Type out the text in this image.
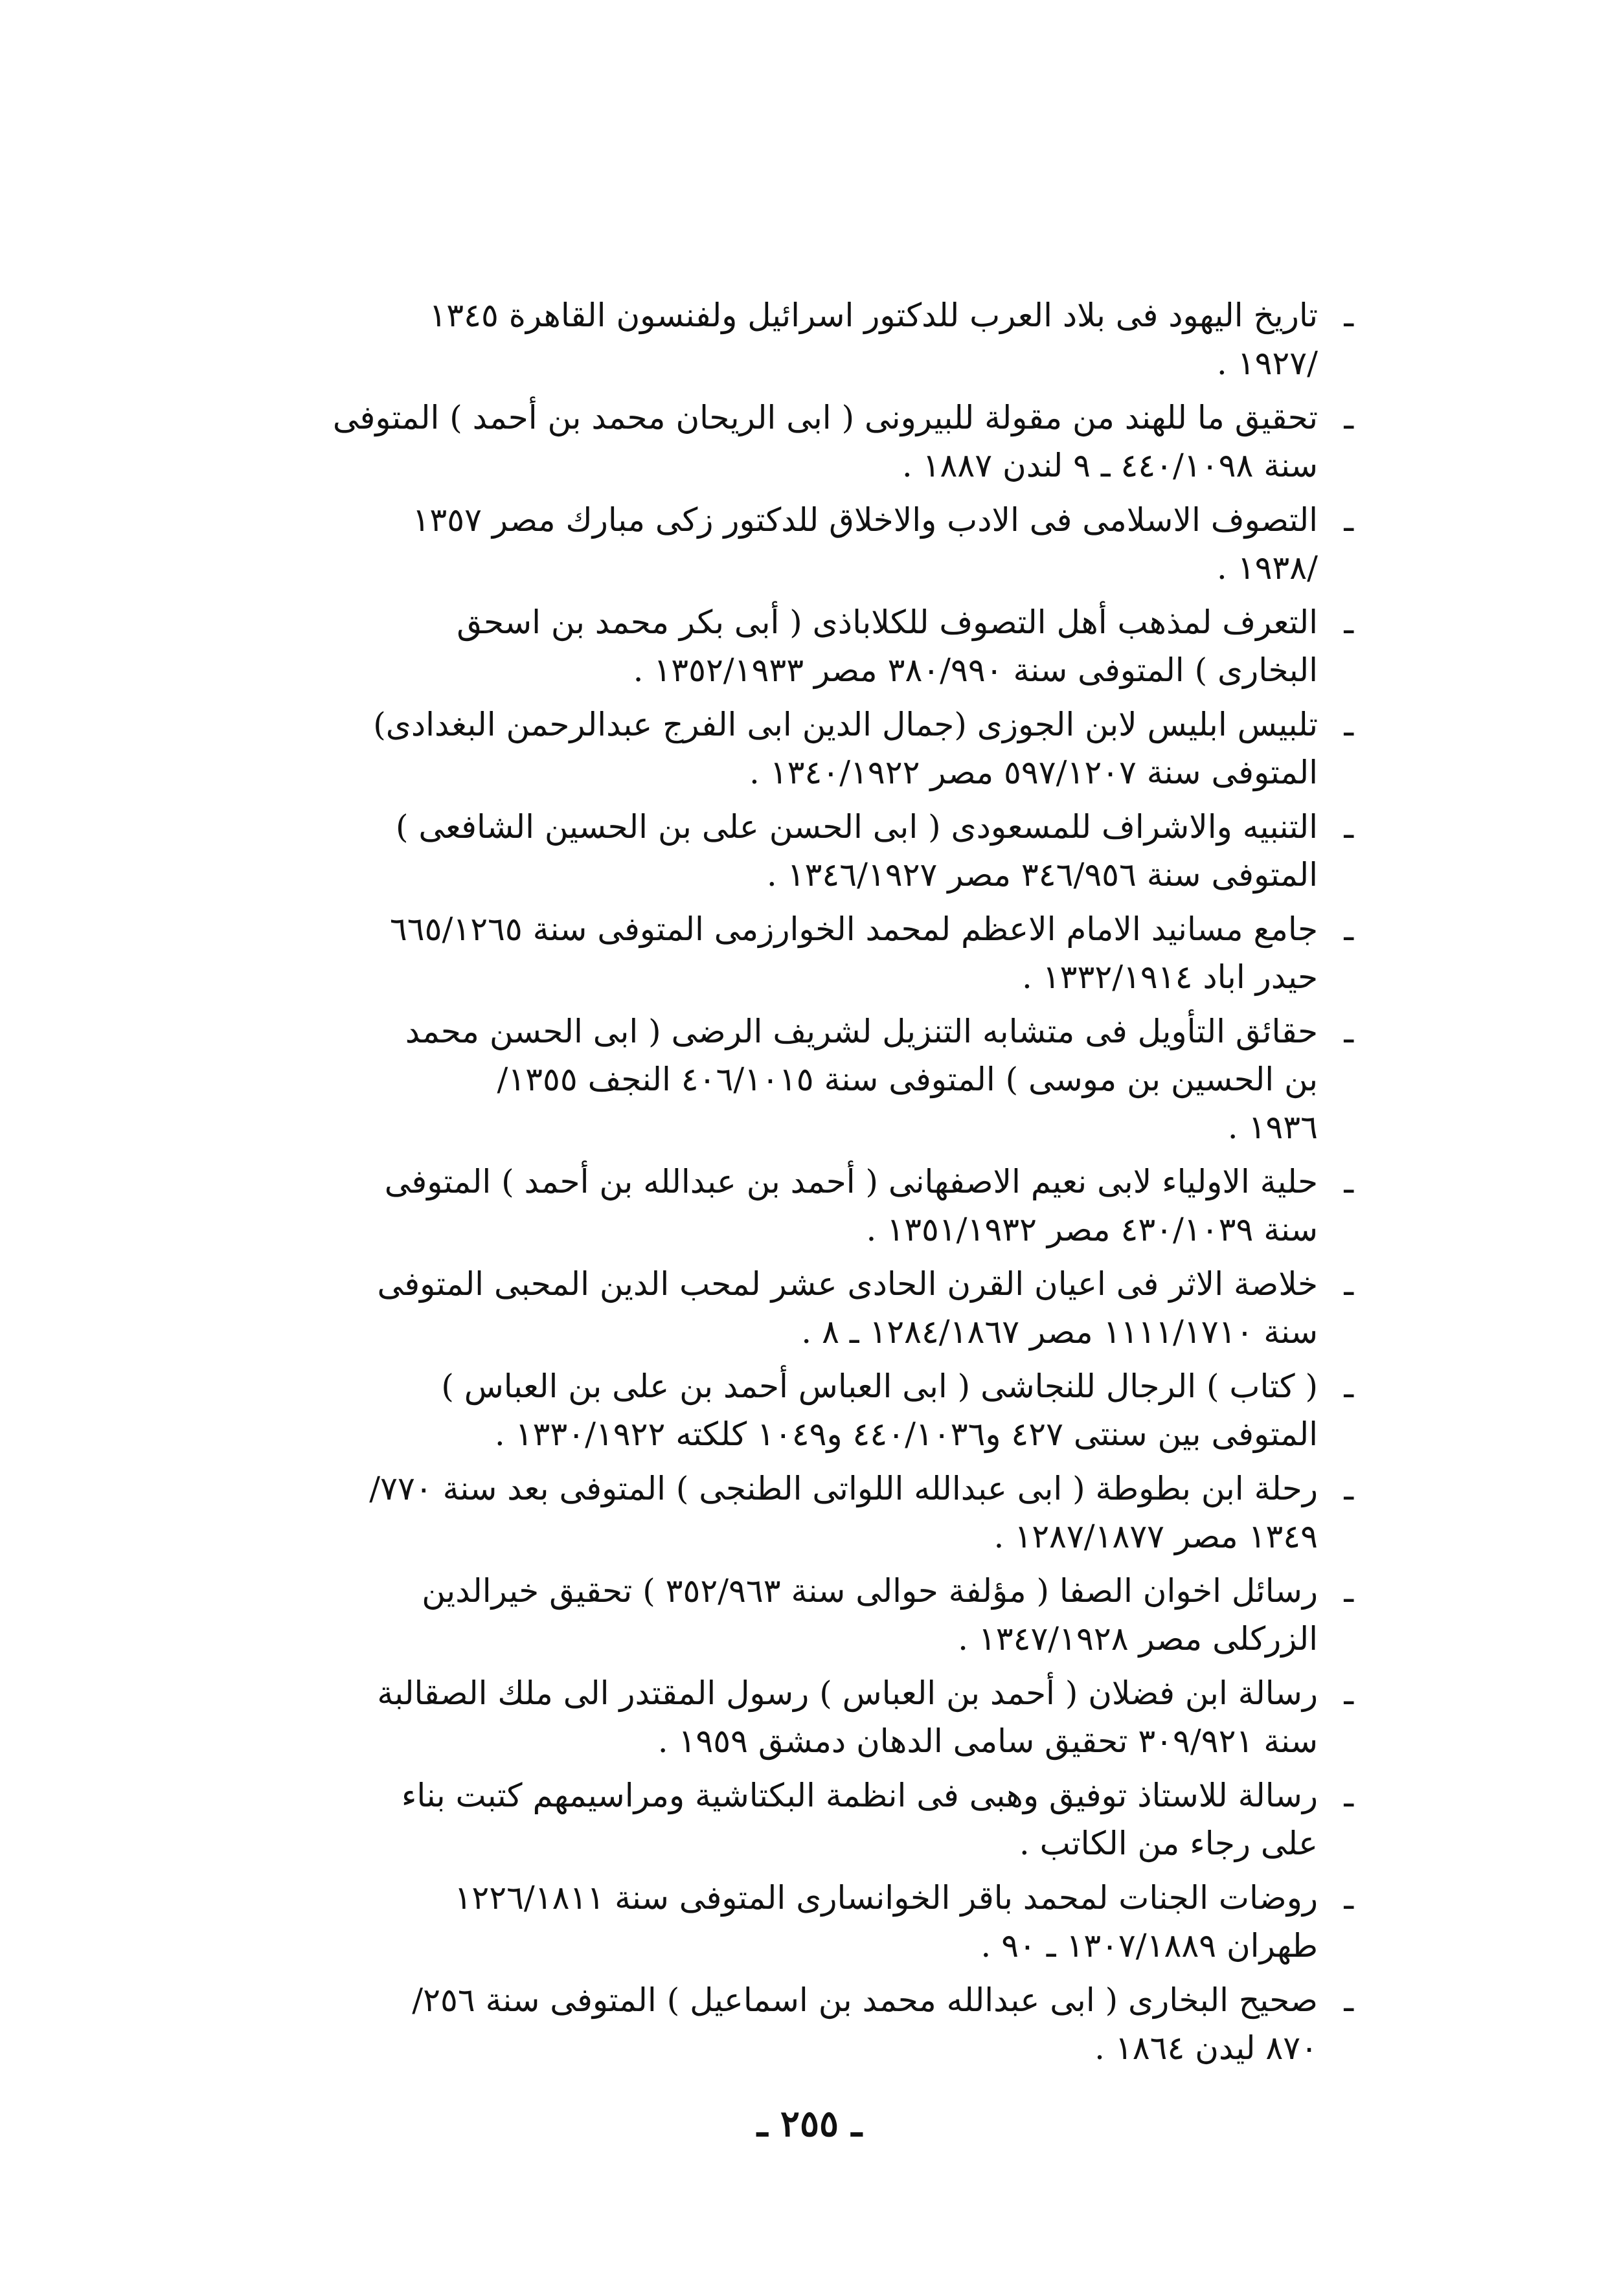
ـ
تاريخ اليهود فى بلاد العرب للدكتور اسرائيل ولفنسون القاهرة ١٣٤٥
/١٩٢٧ .
ـ
تحقيق ما للهند من مقولة للبيرونى ( ابى الريحان محمد بن أحمد ) المتوفى
سنة ٤٤٠/١٠٩٨ ـ ٩ لندن ١٨٨٧ .
ـ
التصوف الاسلامى فى الادب والاخلاق للدكتور زكى مبارك مصر ١٣٥٧
/١٩٣٨ .
ـ
التعرف لمذهب أهل التصوف للكلاباذى ( أبى بكر محمد بن اسحق
البخارى ) المتوفى سنة ٣٨٠/٩٩٠ مصر ١٣٥٢/١٩٣٣ .
ـ
تلبيس ابليس لابن الجوزى (جمال الدين ابى الفرج عبدالرحمن البغدادى)
المتوفى سنة ٥٩٧/١٢٠٧ مصر ١٣٤٠/١٩٢٢ .
ـ
التنبيه والاشراف للمسعودى ( ابى الحسن على بن الحسين الشافعى )
المتوفى سنة ٣٤٦/٩٥٦ مصر ١٣٤٦/١٩٢٧ .
ـ
جامع مسانيد الامام الاعظم لمحمد الخوارزمى المتوفى سنة ٦٦٥/١٢٦٥
حيدر اباد ١٣٣٢/١٩١٤ .
ـ
حقائق التأويل فى متشابه التنزيل لشريف الرضى ( ابى الحسن محمد
بن الحسين بن موسى ) المتوفى سنة ٤٠٦/١٠١٥ النجف ١٣٥٥/
١٩٣٦ .
ـ
حلية الاولياء لابى نعيم الاصفهانى ( أحمد بن عبدالله بن أحمد ) المتوفى
سنة ٤٣٠/١٠٣٩ مصر ١٣٥١/١٩٣٢ .
ـ
خلاصة الاثر فى اعيان القرن الحادى عشر لمحب الدين المحبى المتوفى
سنة ١١١١/١٧١٠ مصر ١٢٨٤/١٨٦٧ ـ ٨ .
ـ
( كتاب ) الرجال للنجاشى ( ابى العباس أحمد بن على بن العباس )
المتوفى بين سنتى ٤٢٧ و٤٤٠/١٠٣٦ و١٠٤٩ كلكته ١٣٣٠/١٩٢٢ .
ـ
رحلة ابن بطوطة ( ابى عبدالله اللواتى الطنجى ) المتوفى بعد سنة ٧٧٠/
١٣٤٩ مصر ١٢٨٧/١٨٧٧ .
ـ
رسائل اخوان الصفا ( مؤلفة حوالى سنة ٣٥٢/٩٦٣ ) تحقيق خيرالدين
الزركلى مصر ١٣٤٧/١٩٢٨ .
ـ
رسالة ابن فضلان ( أحمد بن العباس ) رسول المقتدر الى ملك الصقالبة
سنة ٣٠٩/٩٢١ تحقيق سامى الدهان دمشق ١٩٥٩ .
ـ
رسالة للاستاذ توفيق وهبى فى انظمة البكتاشية ومراسيمهم كتبت بناء
على رجاء من الكاتب .
ـ
روضات الجنات لمحمد باقر الخوانسارى المتوفى سنة ١٢٢٦/١٨١١
طهران ١٣٠٧/١٨٨٩ ـ ٩٠ .
ـ
صحيح البخارى ( ابى عبدالله محمد بن اسماعيل ) المتوفى سنة ٢٥٦/
٨٧٠ ليدن ١٨٦٤ .
ـ ٢٥٥ ـ
